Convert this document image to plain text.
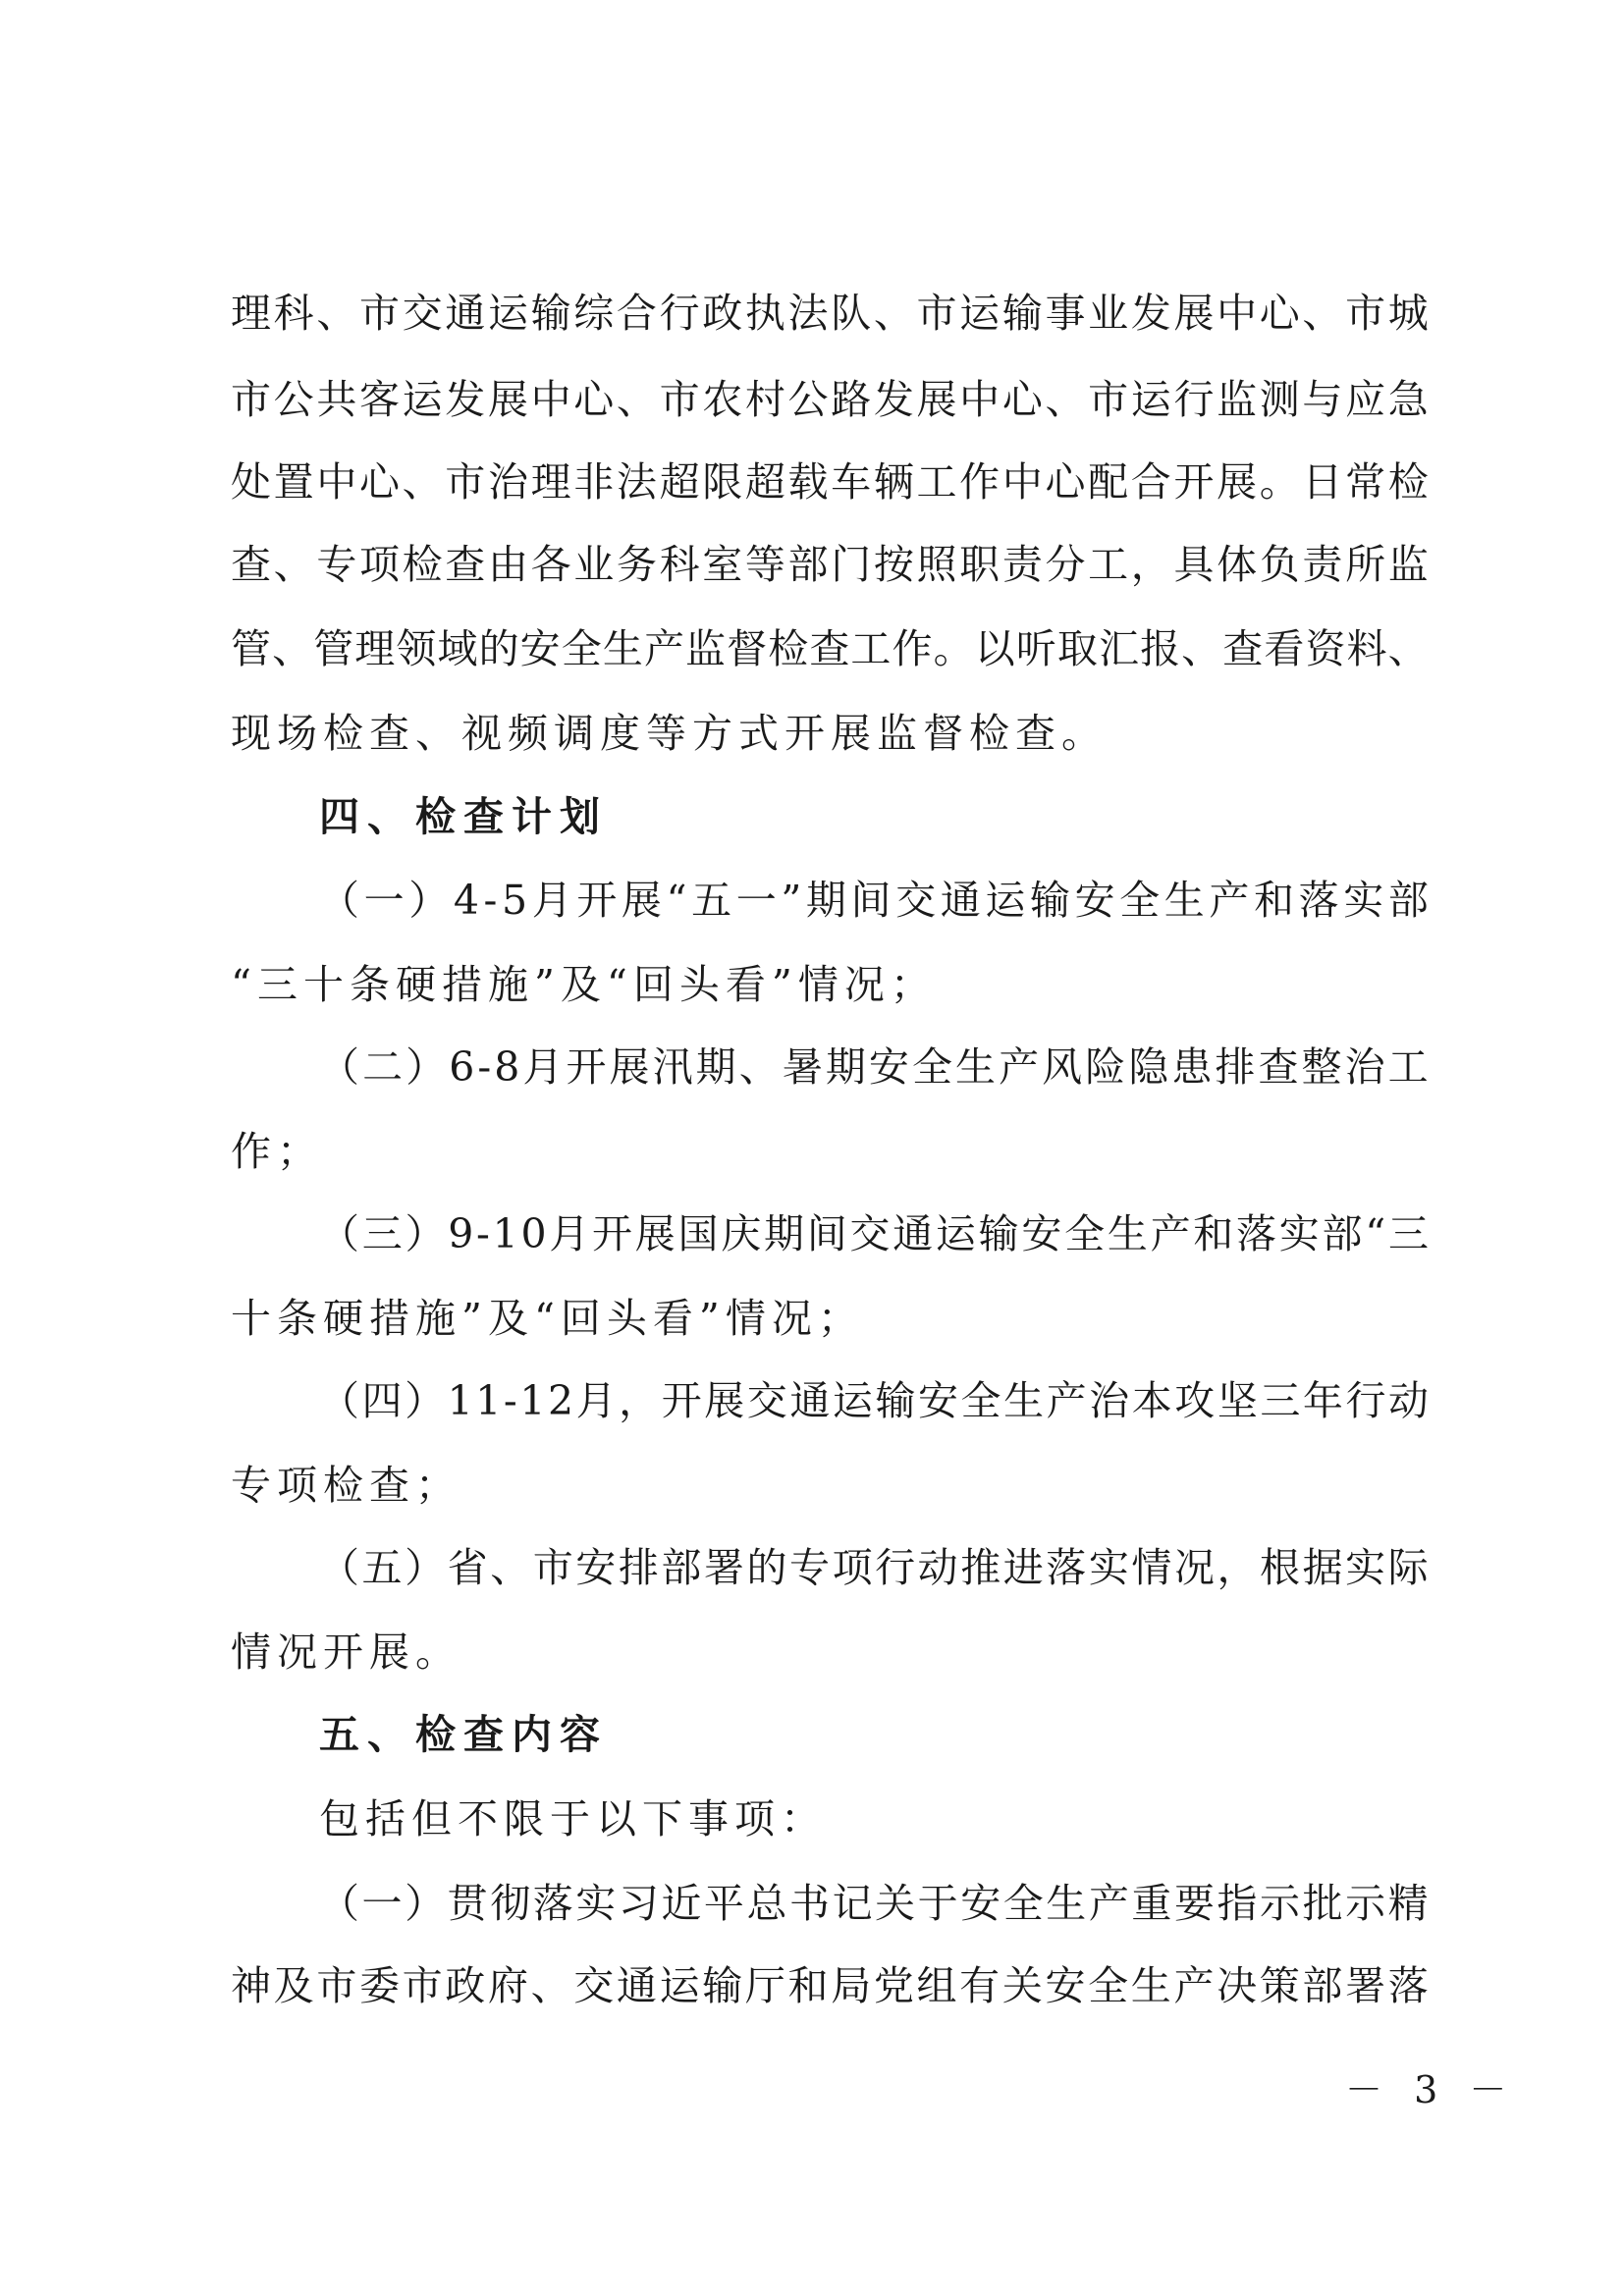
理 科 、 市 交 通 运 输 综 合 行 政 执 法 队 、 市 运 输 事 业 发 展 中 心 、 市 城
市 公 共 客 运 发 展 中 心 、 市 农 村 公 路 发 展 中 心 、 市 运 行 监 测 与 应 急
处 置 中 心 、 市 治 理 非 法 超 限 超 载 车 辆 工 作 中 心 配 合 开 展 。 日 常 检
查 、 专 项 检 查 由 各 业 务 科 室 等 部 门 按 照 职 责 分 工 ， 具 体 负 责 所 监
管 、 管 理 领 域 的 安 全 生 产 监 督 检 查 工 作 。 以 听 取 汇 报 、 查 看 资 料 、
现场检查、视频调度等方式开展监督检查。
四、检查计划
（ 一 ） 4 - 5 月 开 展 “ 五 一 ” 期 间 交 通 运 输 安 全 生 产 和 落 实 部
“三十条硬措施”及“回头看”情况；
（ 二 ） 6 - 8 月 开 展 汛 期 、 暑 期 安 全 生 产 风 险 隐 患 排 查 整 治 工
作；
（ 三 ） 9 - 1 0 月 开 展 国 庆 期 间 交 通 运 输 安 全 生 产 和 落 实 部 “ 三
十条硬措施”及“回头看”情况；
（ 四 ） 1 1 - 1 2 月 ， 开 展 交 通 运 输 安 全 生 产 治 本 攻 坚 三 年 行 动
专项检查；
（ 五 ） 省 、 市 安 排 部 署 的 专 项 行 动 推 进 落 实 情 况 ， 根 据 实 际
情况开展。
五、检查内容
包括但不限于以下事项：
（ 一 ） 贯 彻 落 实 习 近 平 总 书 记 关 于 安 全 生 产 重 要 指 示 批 示 精
神 及 市 委 市 政 府 、 交 通 运 输 厅 和 局 党 组 有 关 安 全 生 产 决 策 部 署 落
－ 3 －
